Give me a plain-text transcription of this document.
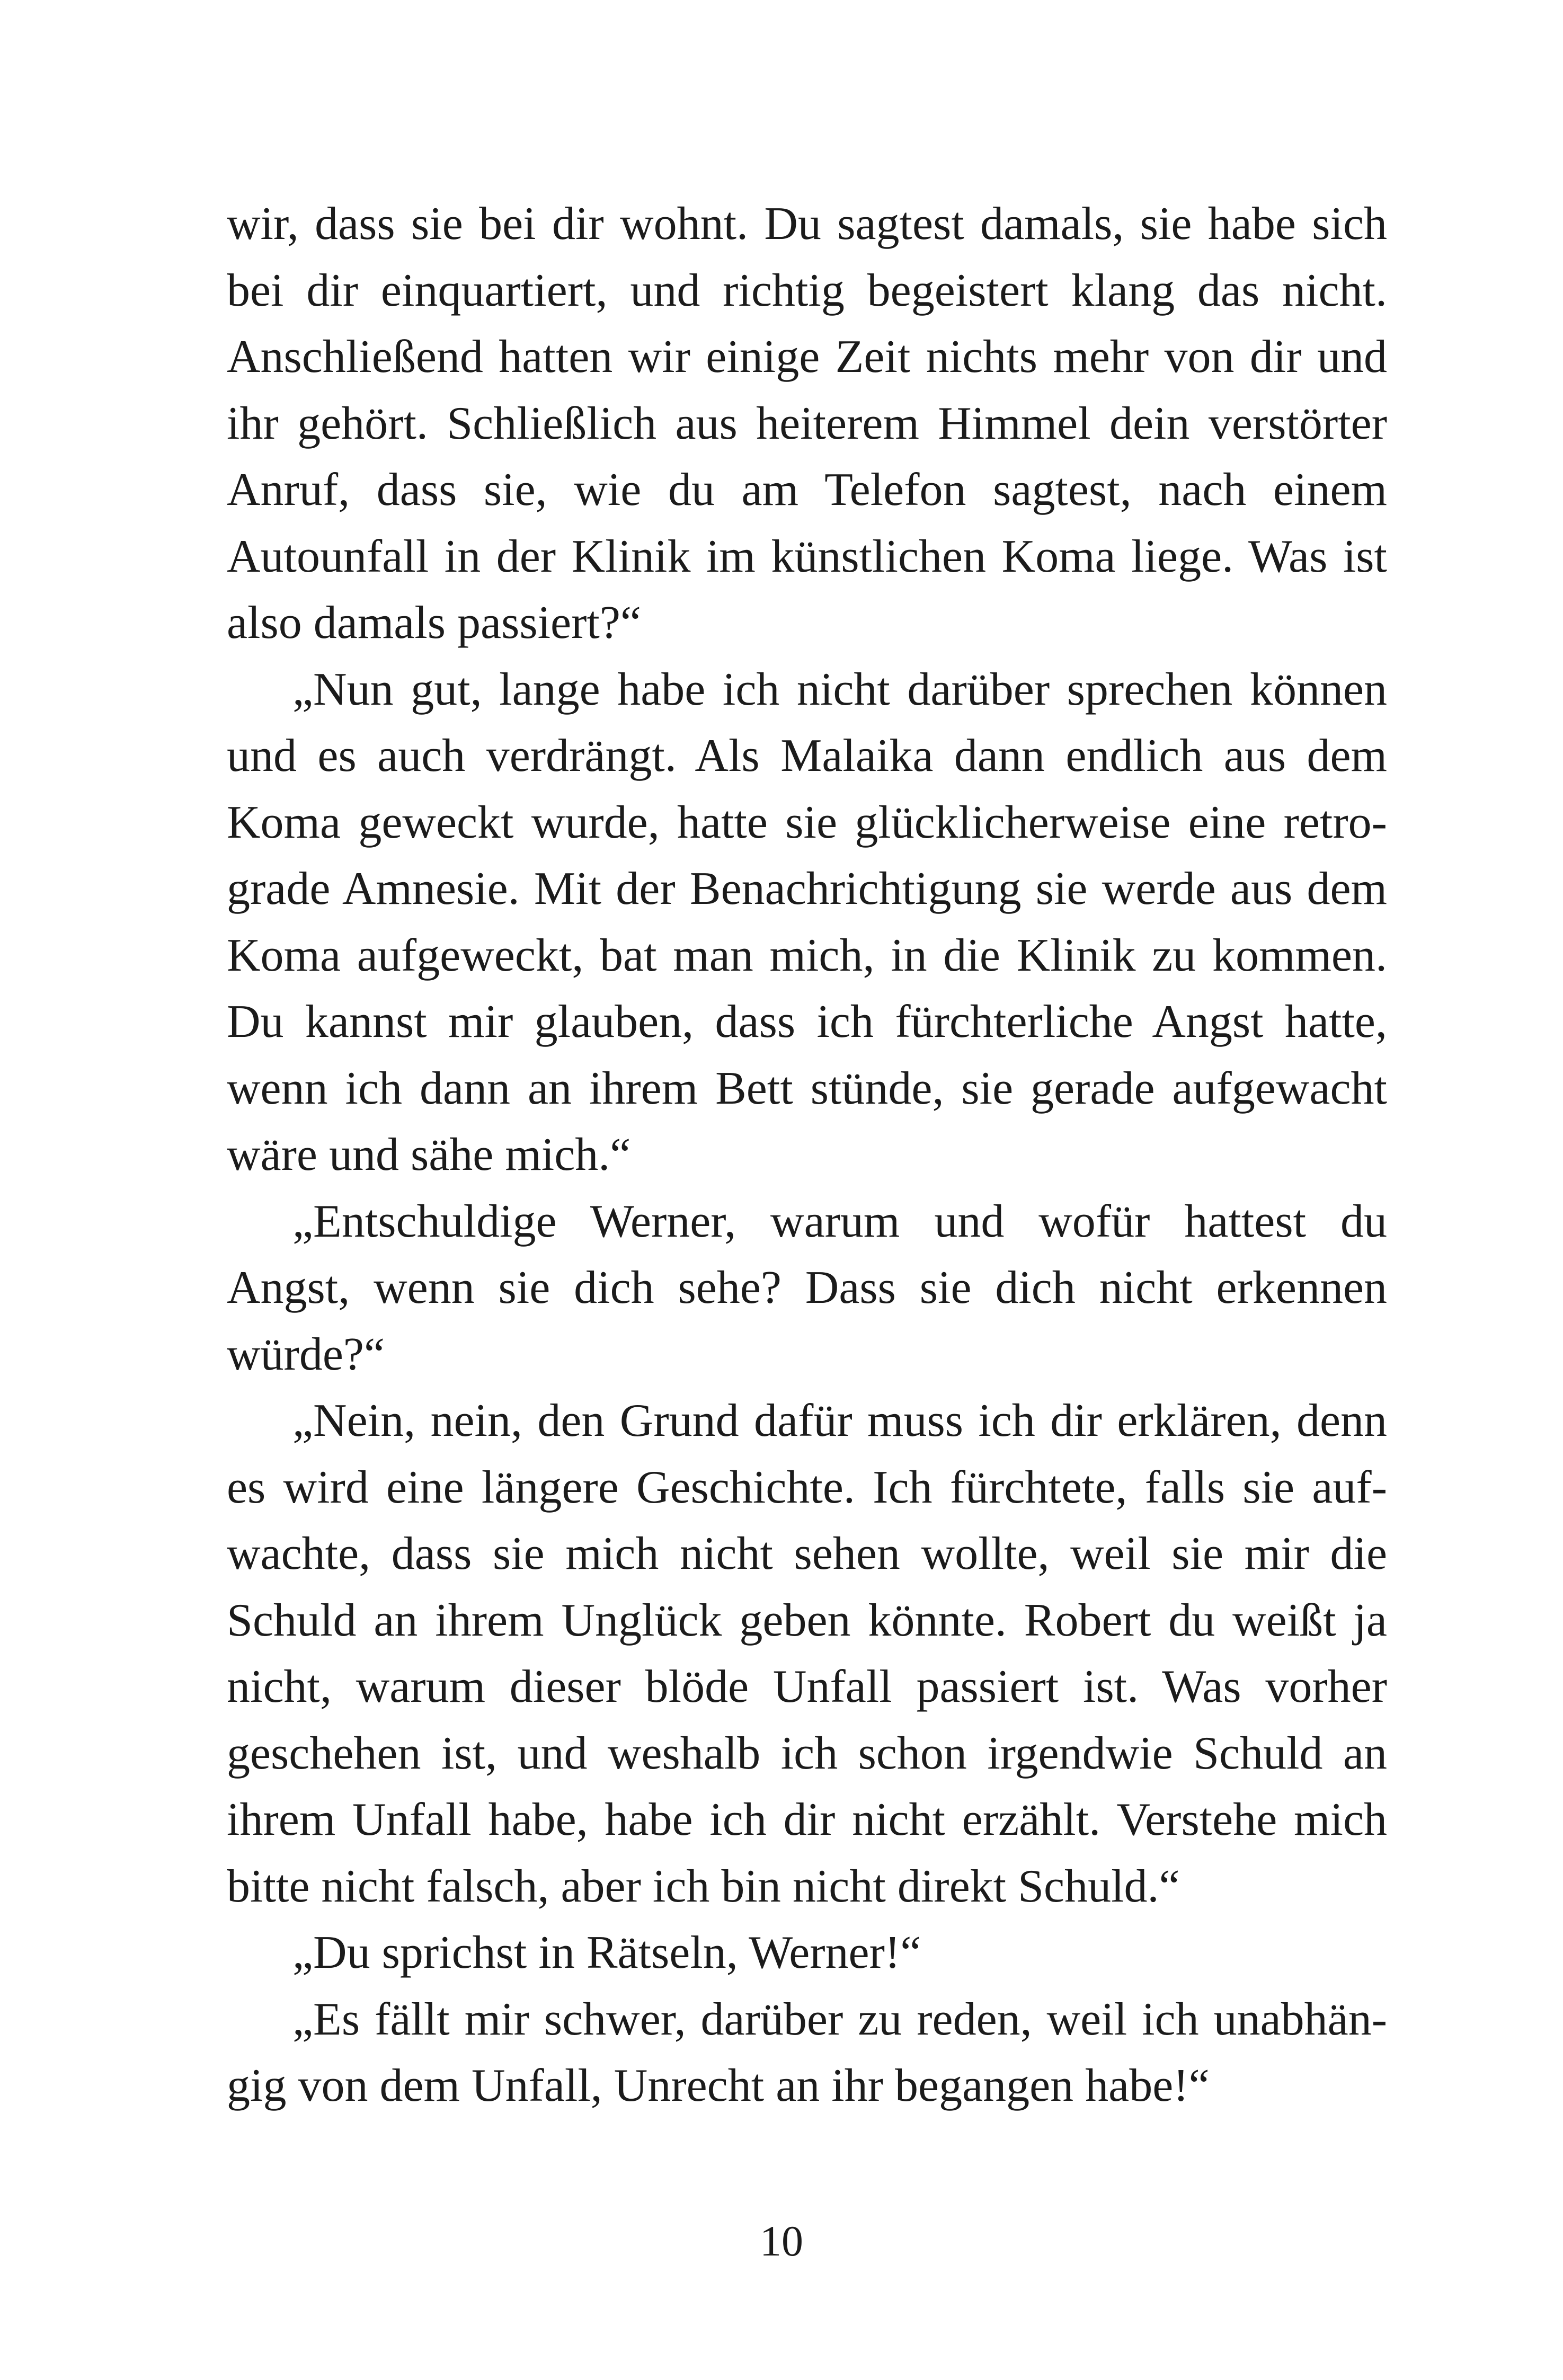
wir, dass sie bei dir wohnt. Du sagtest damals, sie habe sich
bei dir einquartiert, und richtig begeistert klang das nicht.
Anschließend hatten wir einige Zeit nichts mehr von dir und
ihr gehört. Schließlich aus heiterem Himmel dein verstörter
Anruf, dass sie, wie du am Telefon sagtest, nach einem
Autounfall in der Klinik im künstlichen Koma liege. Was ist
also damals passiert?“
„Nun gut, lange habe ich nicht darüber sprechen können
und es auch verdrängt. Als Malaika dann endlich aus dem
Koma geweckt wurde, hatte sie glücklicherweise eine retro-
grade Amnesie. Mit der Benachrichtigung sie werde aus dem
Koma aufgeweckt, bat man mich, in die Klinik zu kommen.
Du kannst mir glauben, dass ich fürchterliche Angst hatte,
wenn ich dann an ihrem Bett stünde, sie gerade aufgewacht
wäre und sähe mich.“
„Entschuldige Werner, warum und wofür hattest du
Angst, wenn sie dich sehe? Dass sie dich nicht erkennen
würde?“
„Nein, nein, den Grund dafür muss ich dir erklären, denn
es wird eine längere Geschichte. Ich fürchtete, falls sie auf-
wachte, dass sie mich nicht sehen wollte, weil sie mir die
Schuld an ihrem Unglück geben könnte. Robert du weißt ja
nicht, warum dieser blöde Unfall passiert ist. Was vorher
geschehen ist, und weshalb ich schon irgendwie Schuld an
ihrem Unfall habe, habe ich dir nicht erzählt. Verstehe mich
bitte nicht falsch, aber ich bin nicht direkt Schuld.“
„Du sprichst in Rätseln, Werner!“
„Es fällt mir schwer, darüber zu reden, weil ich unabhän-
gig von dem Unfall, Unrecht an ihr begangen habe!“
10
